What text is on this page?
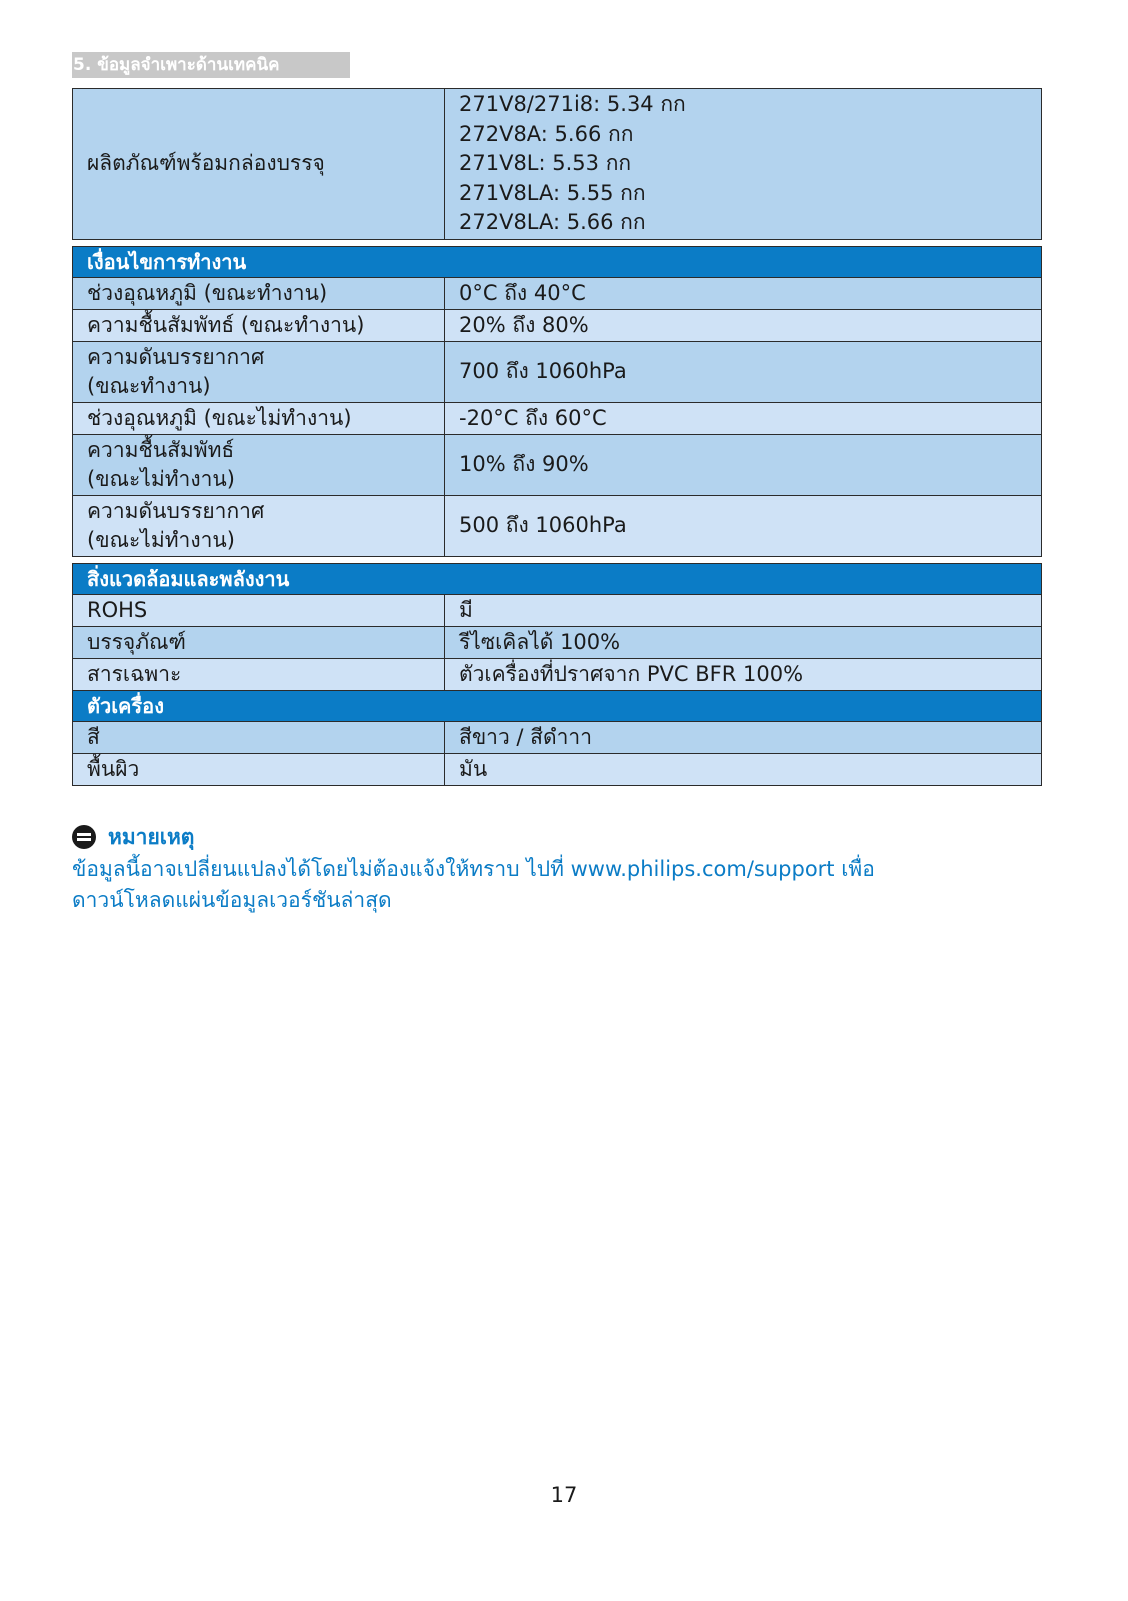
5. ข้อมูลจำเพาะด้านเทคนิค
ผลิตภัณฑ์พร้อมกล่องบรรจุ	271V8/271i8: 5.34 กก
272V8A: 5.66 กก
271V8L: 5.53 กก
271V8LA: 5.55 กก
272V8LA: 5.66 กก

เงื่อนไขการทำงาน	
ช่วงอุณหภูมิ (ขณะทำงาน)	0°C ถึง 40°C
ความชื้นสัมพัทธ์ (ขณะทำงาน)	20% ถึง 80%

ความดันบรรยากาศ
(ขณะทำงาน)	700 ถึง 1060hPa
ช่วงอุณหภูมิ (ขณะไม่ทำงาน)	-20°C ถึง 60°C

ความชื้นสัมพัทธ์
(ขณะไม่ทำงาน)	10% ถึง 90%

ความดันบรรยากาศ
(ขณะไม่ทำงาน)	500 ถึง 1060hPa

สิ่งแวดล้อมและพลังงาน	
ROHS	มี
บรรจุภัณฑ์	รีไซเคิลได้ 100%
สารเฉพาะ	ตัวเครื่องที่ปราศจาก PVC BFR 100%
ตัวเครื่อง	
สี	สีขาว / สีดำาา
พื้นผิว	มัน
หมายเหตุ
ข้อมูลนี้อาจเปลี่ยนแปลงได้โดยไม่ต้องแจ้งให้ทราบ ไปที่ www.philips.com/support เพื่อ
ดาวน์โหลดแผ่นข้อมูลเวอร์ชันล่าสุด
17
